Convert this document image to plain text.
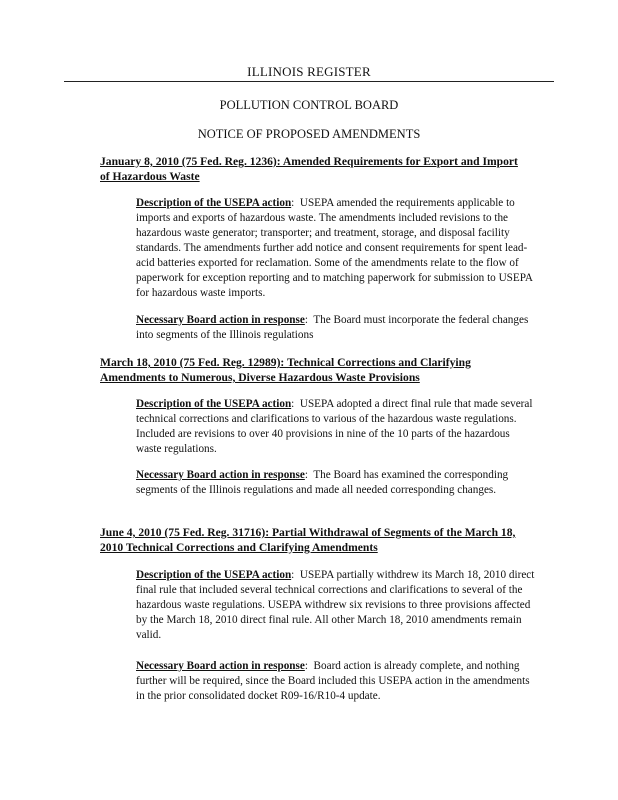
ILLINOIS REGISTER
POLLUTION CONTROL BOARD
NOTICE OF PROPOSED AMENDMENTS
January 8, 2010 (75 Fed. Reg. 1236): Amended Requirements for Export and Import of Hazardous Waste
Description of the USEPA action:  USEPA amended the requirements applicable to imports and exports of hazardous waste. The amendments included revisions to the hazardous waste generator; transporter; and treatment, storage, and disposal facility standards. The amendments further add notice and consent requirements for spent lead-acid batteries exported for reclamation. Some of the amendments relate to the flow of paperwork for exception reporting and to matching paperwork for submission to USEPA for hazardous waste imports.
Necessary Board action in response:  The Board must incorporate the federal changes into segments of the Illinois regulations
March 18, 2010 (75 Fed. Reg. 12989): Technical Corrections and Clarifying Amendments to Numerous, Diverse Hazardous Waste Provisions
Description of the USEPA action:  USEPA adopted a direct final rule that made several technical corrections and clarifications to various of the hazardous waste regulations. Included are revisions to over 40 provisions in nine of the 10 parts of the hazardous waste regulations.
Necessary Board action in response:  The Board has examined the corresponding segments of the Illinois regulations and made all needed corresponding changes.
June 4, 2010 (75 Fed. Reg. 31716): Partial Withdrawal of Segments of the March 18, 2010 Technical Corrections and Clarifying Amendments
Description of the USEPA action:  USEPA partially withdrew its March 18, 2010 direct final rule that included several technical corrections and clarifications to several of the hazardous waste regulations. USEPA withdrew six revisions to three provisions affected by the March 18, 2010 direct final rule. All other March 18, 2010 amendments remain valid.
Necessary Board action in response:  Board action is already complete, and nothing further will be required, since the Board included this USEPA action in the amendments in the prior consolidated docket R09-16/R10-4 update.
